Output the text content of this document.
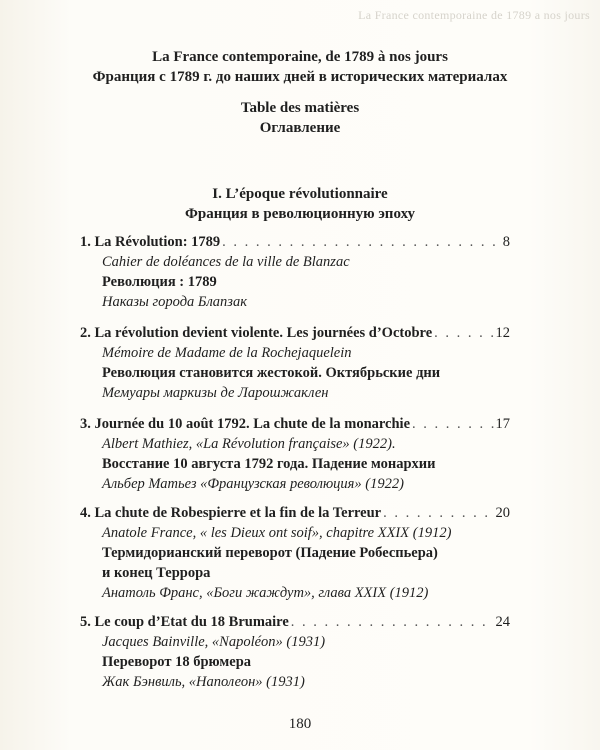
La France contemporaine de 1789 a nos jours
La France contemporaine, de 1789 à nos jours
Франция с 1789 г. до наших дней в исторических материалах
Table des matières
Оглавление
I. L’époque révolutionnaire
Франция в революционную эпоху
1. La Révolution: 1789 . . .	8
Cahier de doléances de la ville de Blanzac
Революция : 1789
Наказы города Блanзак
2. La révolution devient violente. Les journées d’Octobre . . .	12
Mémoire de Madame de la Rochejaquelein
Революция становится жестокой. Октябрьские дни
Мемуары маркизы де Ларошжаклен
3. Journée du 10 août 1792. La chute de la monarchie . . .	17
Albert Mathiez, «La Révolution française» (1922).
Восстание 10 августа 1792 года. Падение монархии
Альбер Матьез «Французская революция» (1922)
4. La chute de Robespierre et la fin de la Terreur . . .	20
Anatole France, « les Dieux ont soif», chapitre XXIX (1912)
Термидорианский переворот (Падение Робеспьера)
и конец Террора
Анатоль Франс, «Боги жаждут», глава XXIX (1912)
5. Le coup d’Etat du 18 Brumaire . . .	24
Jacques Bainville, «Napoléon» (1931)
Переворот 18 брюмера
Жак Бэнвиль, «Наполеон» (1931)
180
